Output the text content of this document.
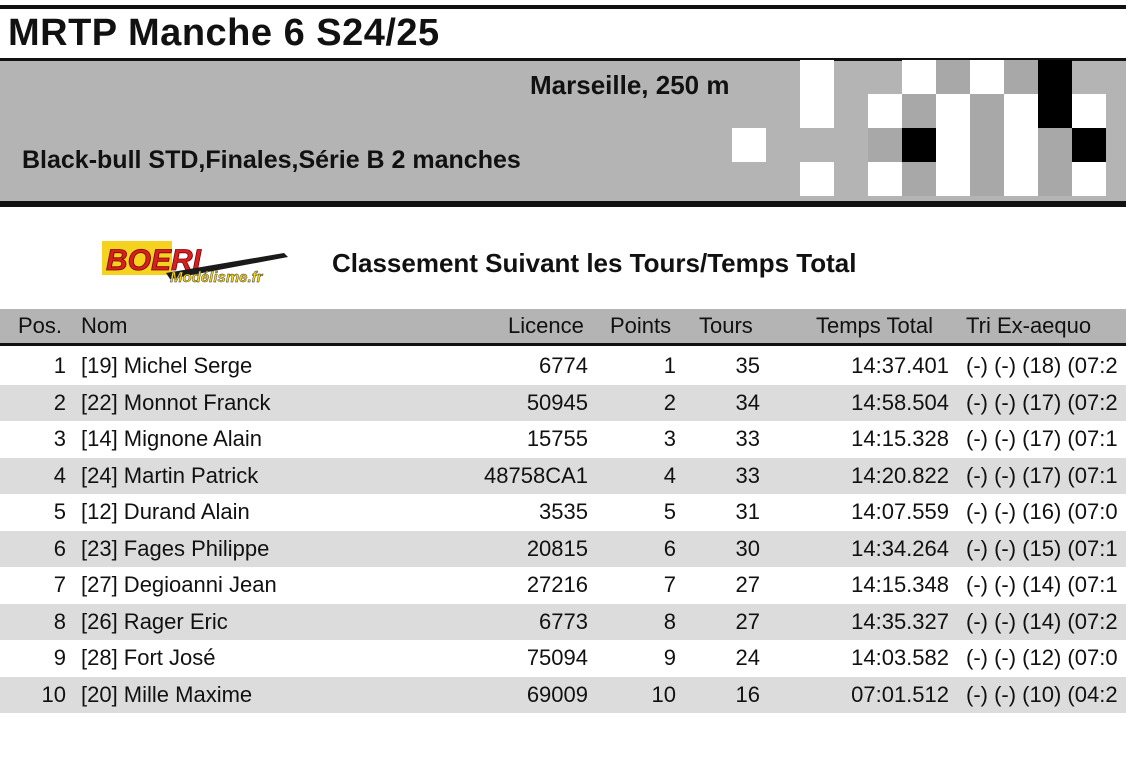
MRTP Manche 6 S24/25
Marseille, 250 m
Black-bull STD,Finales,Série B 2 manches
BOERI
Modélisme.fr	Classement Suivant les Tours/Temps Total
Pos. Nom	Licence Points Tours	Temps Total Tri Ex-aequo
1 [19] Michel Serge	6774	1	35	14:37.401 (-) (-) (18) (07:2
2 [22] Monnot Franck	50945	2	34	14:58.504 (-) (-) (17) (07:2
3 [14] Mignone Alain	15755	3	33	14:15.328 (-) (-) (17) (07:1
4 [24] Martin Patrick	48758CA1	4	33	14:20.822 (-) (-) (17) (07:1
5 [12] Durand Alain	3535	5	31	14:07.559 (-) (-) (16) (07:0
6 [23] Fages Philippe	20815	6	30	14:34.264 (-) (-) (15) (07:1
7 [27] Degioanni Jean	27216	7	27	14:15.348 (-) (-) (14) (07:1
8 [26] Rager Eric	6773	8	27	14:35.327 (-) (-) (14) (07:2
9 [28] Fort José	75094	9	24	14:03.582 (-) (-) (12) (07:0
10 [20] Mille Maxime	69009	10	16	07:01.512 (-) (-) (10) (04:2
